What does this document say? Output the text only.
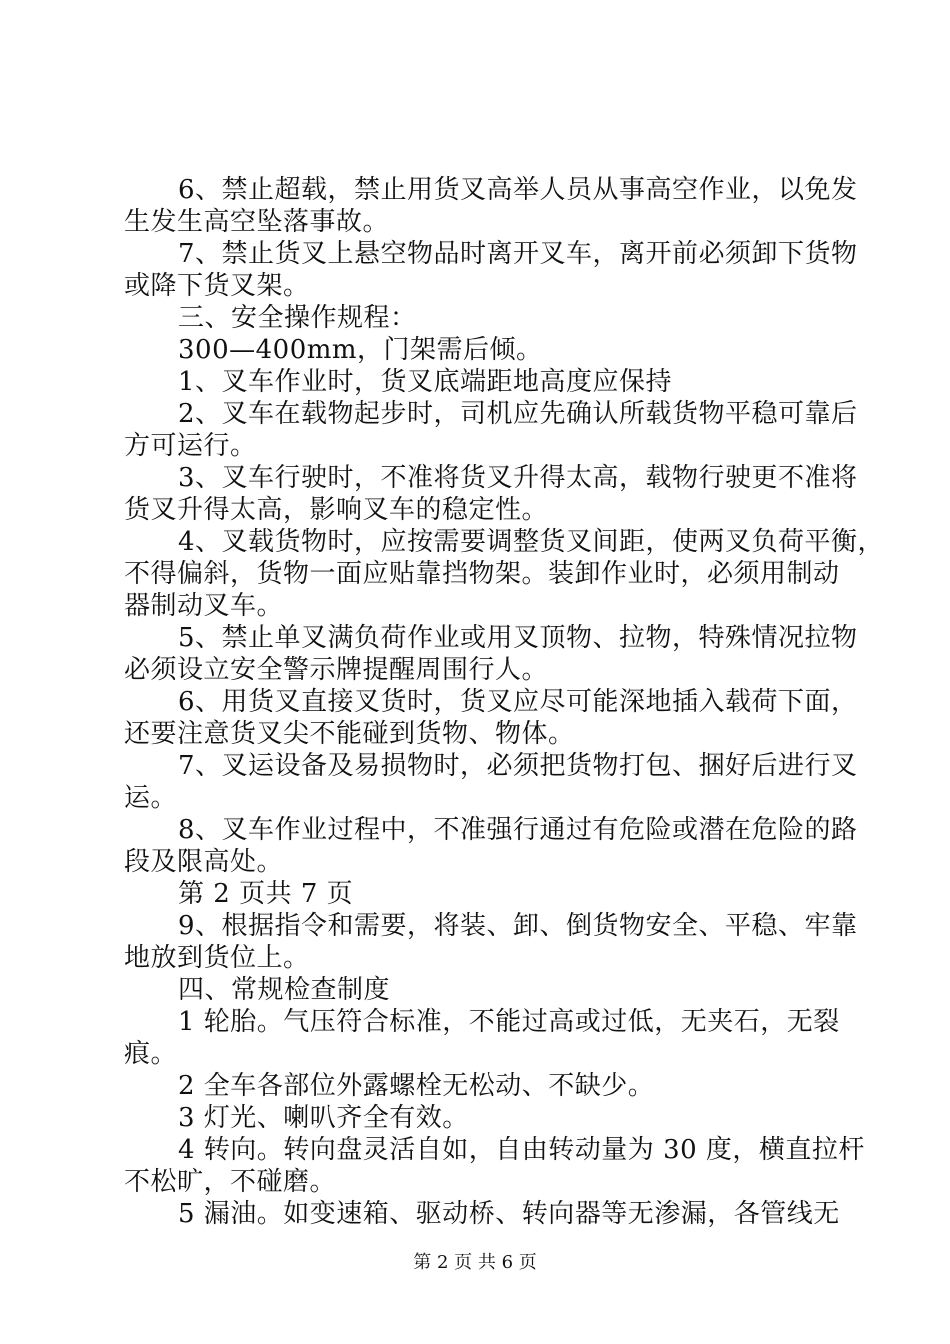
6、禁止超载，禁止用货叉高举人员从事高空作业，以免发
生发生高空坠落事故。
7、禁止货叉上悬空物品时离开叉车，离开前必须卸下货物
或降下货叉架。
三、安全操作规程：
300—400mm，门架需后倾。
1、叉车作业时，货叉底端距地高度应保持
2、叉车在载物起步时，司机应先确认所载货物平稳可靠后
方可运行。
3、叉车行驶时，不准将货叉升得太高，载物行驶更不准将
货叉升得太高，影响叉车的稳定性。
4、叉载货物时，应按需要调整货叉间距，使两叉负荷平衡，
不得偏斜，货物一面应贴靠挡物架。装卸作业时，必须用制动
器制动叉车。
5、禁止单叉满负荷作业或用叉顶物、拉物，特殊情况拉物
必须设立安全警示牌提醒周围行人。
6、用货叉直接叉货时，货叉应尽可能深地插入载荷下面，
还要注意货叉尖不能碰到货物、物体。
7、叉运设备及易损物时，必须把货物打包、捆好后进行叉
运。
8、叉车作业过程中，不准强行通过有危险或潜在危险的路
段及限高处。
第 2 页共 7 页
9、根据指令和需要，将装、卸、倒货物安全、平稳、牢靠
地放到货位上。
四、常规检查制度
1 轮胎。气压符合标准，不能过高或过低，无夹石，无裂
痕。
2 全车各部位外露螺栓无松动、不缺少。
3 灯光、喇叭齐全有效。
4 转向。转向盘灵活自如，自由转动量为 30 度，横直拉杆
不松旷，不碰磨。
5 漏油。如变速箱、驱动桥、转向器等无渗漏，各管线无
第 2 页 共 6 页
